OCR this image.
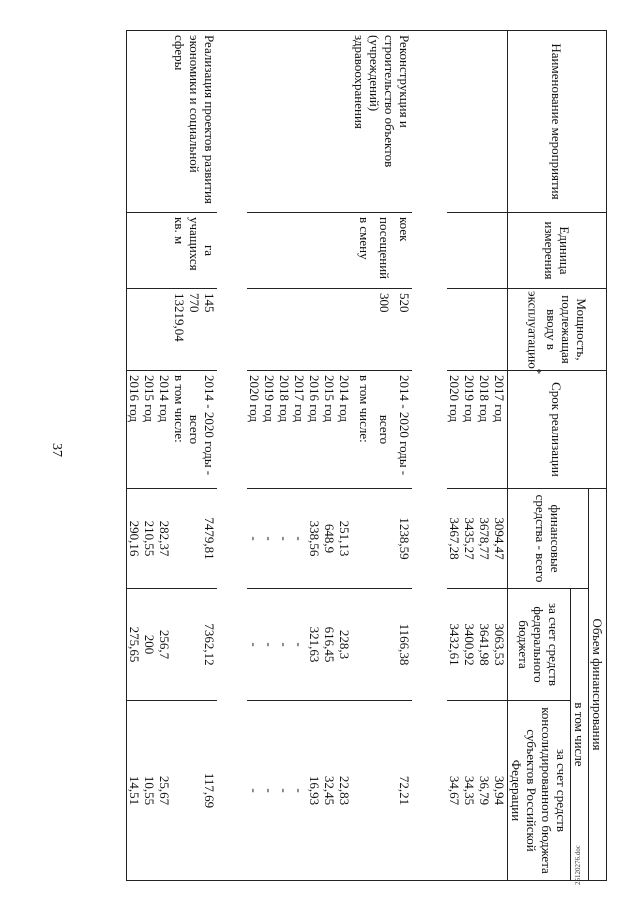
37
25120276.doc
Наименование мероприятия	Единица измерения	Мощность, подлежащая вводу в эксплуатацию*	Срок реализации	Объем финансирования		
				финансовые средства - всего	в том числе	
					за счет средств федерального бюджета	за счет средств консолидированного бюджета субъектов Российской Федерации
			2017 год	3094,47	3063,53	30,94
			2018 год	3678,77	3641,98	36,79
			2019 год	3435,27	3400,92	34,35
			2020 год	3467,28	3432,61	34,67

Реконструкция и строительство объектов (учреждений) здравоохранения	коек	520	2014 - 2020 годы -	1238,59	1166,38	72,21
	посещений	300	всего			
	в смену		в том числе:			
			2014 год	251,13	228,3	22,83
			2015 год	648,9	616,45	32,45
			2016 год	338,56	321,63	16,93
			2017 год	-	-	-
			2018 год	-	-	-
			2019 год	-	-	-
			2020 год	-	-	-

Реализация проектов развития экономики и социальной сферы	га	145	2014 - 2020 годы -	7479,81	7362,12	117,69
	учащихся	770	всего			
	кв. м	13219,04	в том числе:			
			2014 год	282,37	256,7	25,67
			2015 год	210,55	200	10,55
			2016 год	290,16	275,65	14,51
